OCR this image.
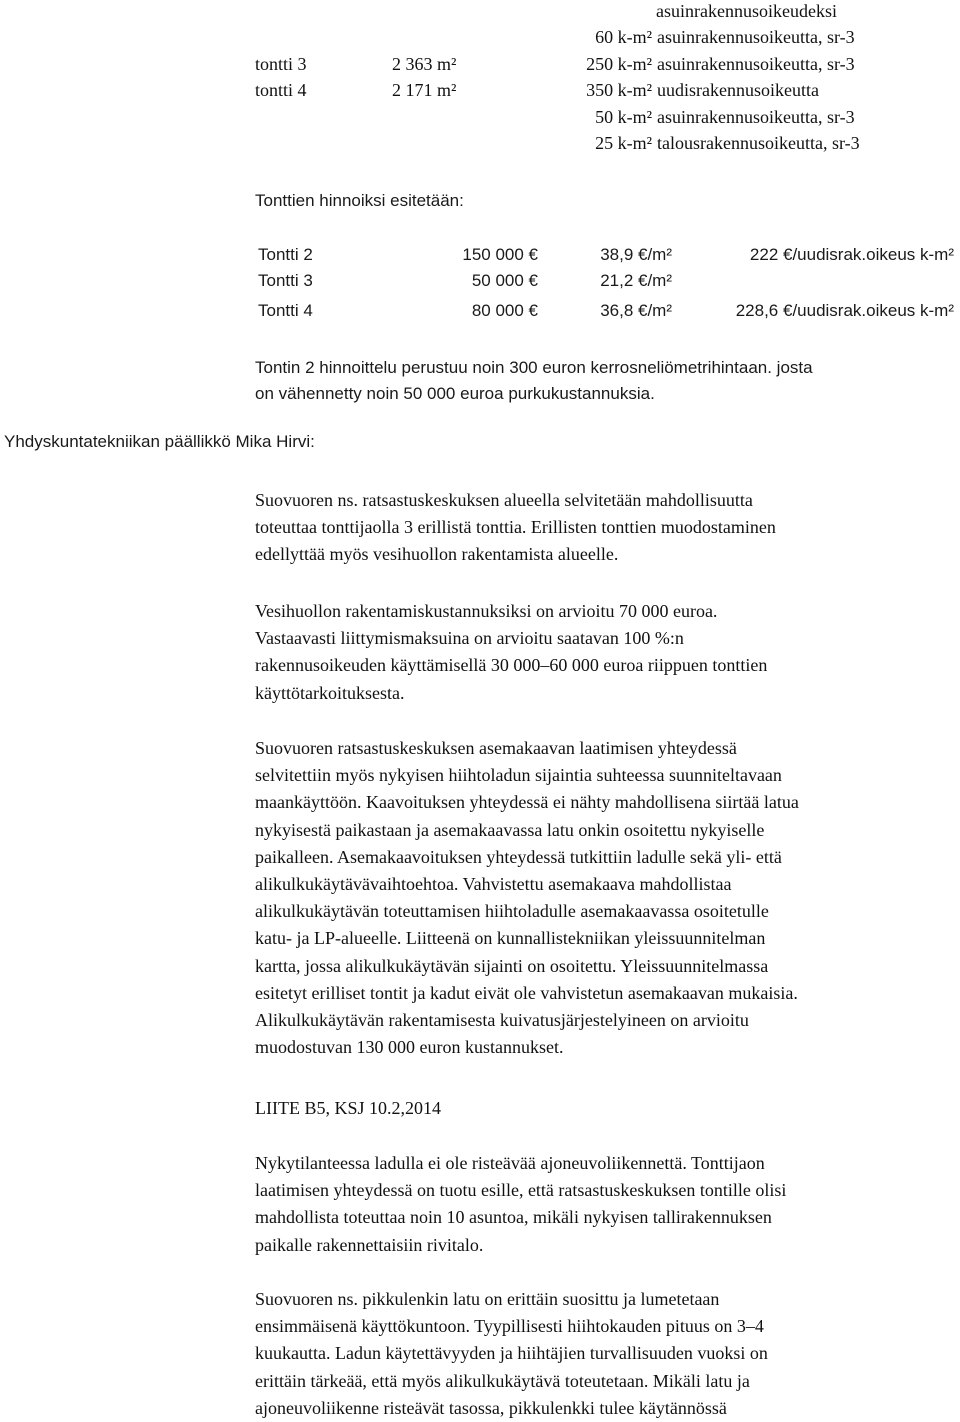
asuinrakennusoikeudeksi
60 k-m² asuinrakennusoikeutta, sr-3
tontti 3	2 363 m²	250 k-m² asuinrakennusoikeutta, sr-3
tontti 4	2 171 m²	350 k-m² uudisrakennusoikeutta
50 k-m² asuinrakennusoikeutta, sr-3
25 k-m² talousrakennusoikeutta, sr-3
Tonttien hinnoiksi esitetään:
Tontti 2	150 000 €	38,9 €/m²	222 €/uudisrak.oikeus k-m²
Tontti 3	50 000 €	21,2 €/m²
Tontti 4	80 000 €	36,8 €/m²	228,6 €/uudisrak.oikeus k-m²
Tontin 2 hinnoittelu perustuu noin 300 euron kerrosneliömetrihintaan. josta
on vähennetty noin 50 000 euroa purkukustannuksia.
Yhdyskuntatekniikan päällikkö Mika Hirvi:
Suovuoren ns. ratsastuskeskuksen alueella selvitetään mahdollisuutta
toteuttaa tonttijaolla 3 erillistä tonttia. Erillisten tonttien muodostaminen
edellyttää myös vesihuollon rakentamista alueelle.
Vesihuollon rakentamiskustannuksiksi on arvioitu 70 000 euroa.
Vastaavasti liittymismaksuina on arvioitu saatavan 100 %:n
rakennusoikeuden käyttämisellä 30 000–60 000 euroa riippuen tonttien
käyttötarkoituksesta.
Suovuoren ratsastuskeskuksen asemakaavan laatimisen yhteydessä
selvitettiin myös nykyisen hiihtoladun sijaintia suhteessa suunniteltavaan
maankäyttöön. Kaavoituksen yhteydessä ei nähty mahdollisena siirtää latua
nykyisestä paikastaan ja asemakaavassa latu onkin osoitettu nykyiselle
paikalleen. Asemakaavoituksen yhteydessä tutkittiin ladulle sekä yli- että
alikulkukäytävävaihtoehtoa. Vahvistettu asemakaava mahdollistaa
alikulkukäytävän toteuttamisen hiihtoladulle asemakaavassa osoitetulle
katu- ja LP-alueelle. Liitteenä on kunnallistekniikan yleissuunnitelman
kartta, jossa alikulkukäytävän sijainti on osoitettu. Yleissuunnitelmassa
esitetyt erilliset tontit ja kadut eivät ole vahvistetun asemakaavan mukaisia.
Alikulkukäytävän rakentamisesta kuivatusjärjestelyineen on arvioitu
muodostuvan 130 000 euron kustannukset.
LIITE B5, KSJ 10.2,2014
Nykytilanteessa ladulla ei ole risteävää ajoneuvoliikennettä. Tonttijaon
laatimisen yhteydessä on tuotu esille, että ratsastuskeskuksen tontille olisi
mahdollista toteuttaa noin 10 asuntoa, mikäli nykyisen tallirakennuksen
paikalle rakennettaisiin rivitalo.
Suovuoren ns. pikkulenkin latu on erittäin suosittu ja lumetetaan
ensimmäisenä käyttökuntoon. Tyypillisesti hiihtokauden pituus on 3–4
kuukautta. Ladun käytettävyyden ja hiihtäjien turvallisuuden vuoksi on
erittäin tärkeää, että myös alikulkukäytävä toteutetaan. Mikäli latu ja
ajoneuvoliikenne risteävät tasossa, pikkulenkki tulee käytännössä
